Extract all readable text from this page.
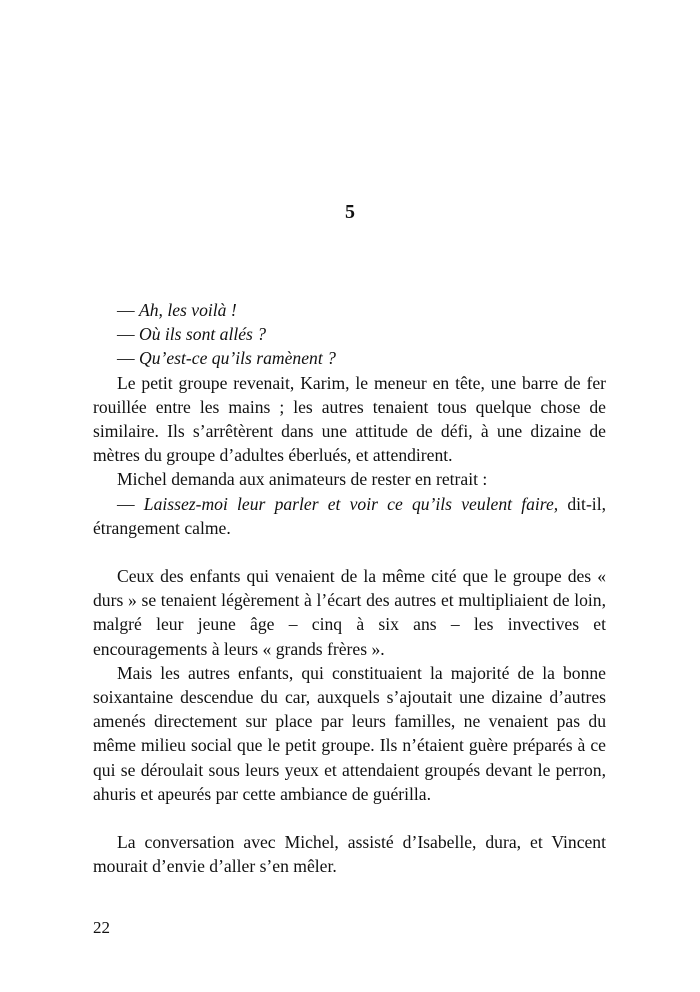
5

— Ah, les voilà !

— Où ils sont allés ?

— Qu’est-ce qu’ils ramènent ?

Le petit groupe revenait, Karim, le meneur en tête, une barre de fer rouillée entre les mains ; les autres tenaient tous quelque chose de similaire. Ils s’arrêtèrent dans une attitude de défi, à une dizaine de mètres du groupe d’adultes éberlués, et attendirent.

Michel demanda aux animateurs de rester en retrait :

— Laissez-moi leur parler et voir ce qu’ils veulent faire, dit-il, étrangement calme.

Ceux des enfants qui venaient de la même cité que le groupe des « durs » se tenaient légèrement à l’écart des autres et multipliaient de loin, malgré leur jeune âge – cinq à six ans – les invectives et encouragements à leurs « grands frères ».

Mais les autres enfants, qui constituaient la majorité de la bonne soixantaine descendue du car, auxquels s’ajoutait une dizaine d’autres amenés directement sur place par leurs familles, ne venaient pas du même milieu social que le petit groupe. Ils n’étaient guère préparés à ce qui se déroulait sous leurs yeux et attendaient groupés devant le perron, ahuris et apeurés par cette ambiance de guérilla.

La conversation avec Michel, assisté d’Isabelle, dura, et Vincent mourait d’envie d’aller s’en mêler.

22
